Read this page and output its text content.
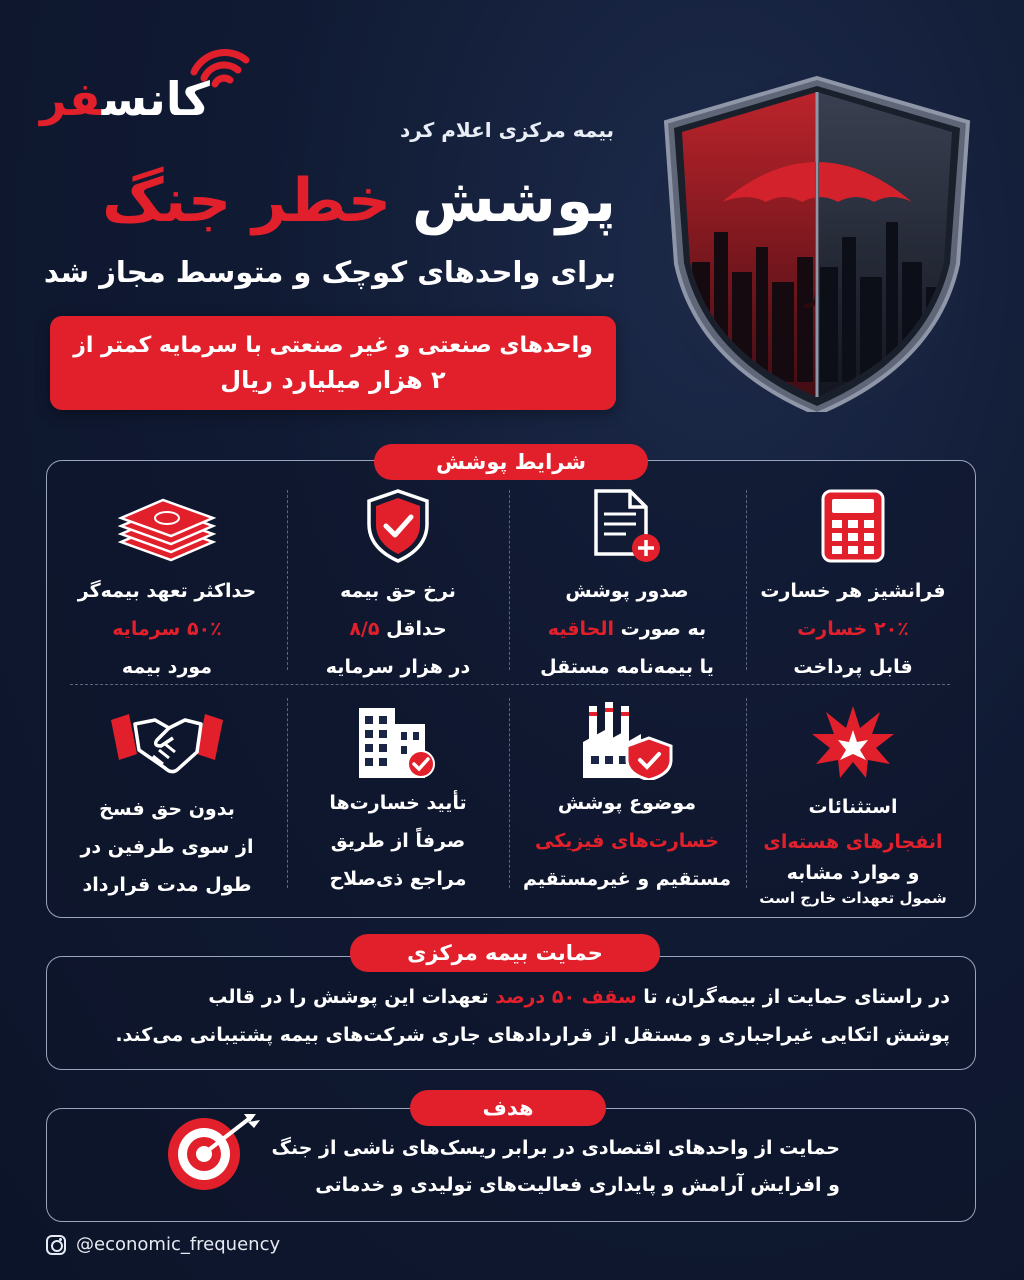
کانسفر
بیمه مرکزی اعلام کرد
پوشش خطر جنگ
برای واحدهای کوچک و متوسط مجاز شد
واحدهای صنعتی و غیر صنعتی با سرمایه کمتر از
۲ هزار میلیارد ریال
شرایط پوشش
فرانشیز هر خسارت
۲۰٪ خسارت
قابل پرداخت
صدور پوشش
به صورت الحاقیه
یا بیمه‌نامه مستقل
نرخ حق بیمه
حداقل ۸/۵
در هزار سرمایه
حداکثر تعهد بیمه‌گر
۵۰٪ سرمایه
مورد بیمه
استثنائات
انفجارهای هسته‌ای
و موارد مشابه
شمول تعهدات خارج است
موضوع پوشش
خسارت‌های فیزیکی
مستقیم و غیرمستقیم
تأیید خسارت‌ها
صرفاً از طریق
مراجع ذی‌صلاح
بدون حق فسخ
از سوی طرفین در
طول مدت قرارداد
حمایت بیمه مرکزی
در راستای حمایت از بیمه‌گران، تا سقف ۵۰ درصد تعهدات این پوشش را در قالب
پوشش اتکایی غیراجباری و مستقل از قراردادهای جاری شرکت‌های بیمه پشتیبانی می‌کند.
هدف
حمایت از واحدهای اقتصادی در برابر ریسک‌های ناشی از جنگ
و افزایش آرامش و پایداری فعالیت‌های تولیدی و خدماتی
@economic_frequency
